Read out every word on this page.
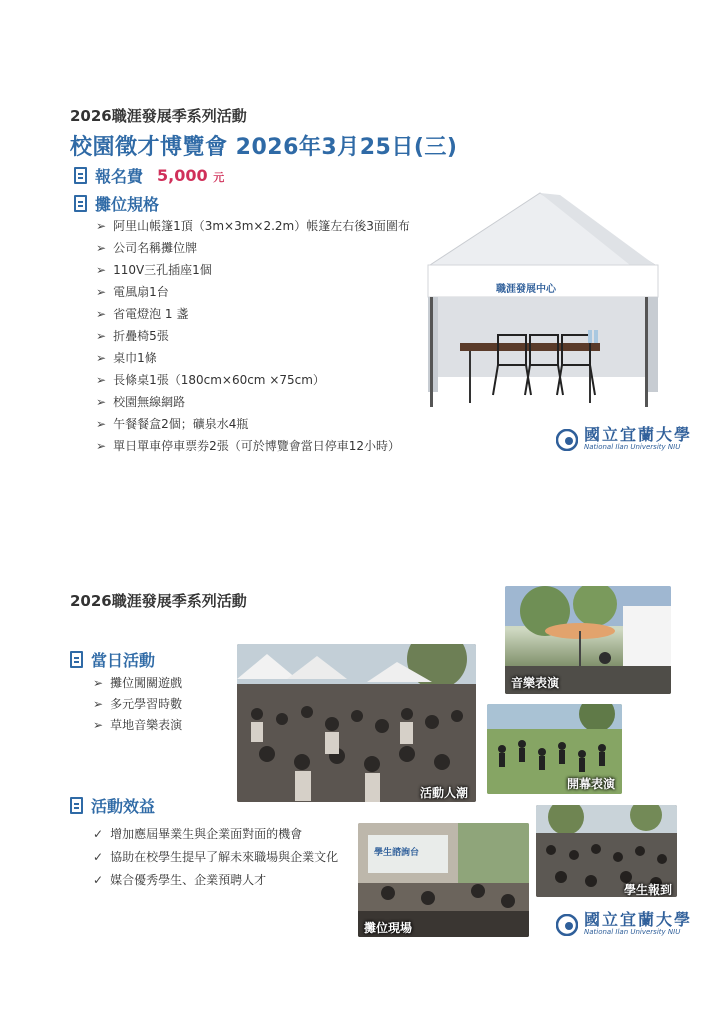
2026職涯發展季系列活動
校園徵才博覽會 2026年3月25日(三)
報名費 5,000 元
攤位規格
➢ 阿里山帳篷1頂（3m×3m×2.2m）帳篷左右後3面圍布
➢ 公司名稱攤位牌
➢ 110V三孔插座1個
➢ 電風扇1台
➢ 省電燈泡 1 盞
➢ 折疊椅5張
➢ 桌巾1條
➢ 長條桌1張（180cm×60cm ×75cm）
➢ 校園無線網路
➢ 午餐餐盒2個；礦泉水4瓶
➢ 單日單車停車票券2張（可於博覽會當日停車12小時）
職涯發展中心
國立宜蘭大學
National Ilan University NIU
2026職涯發展季系列活動
當日活動
➢ 攤位闖關遊戲
➢ 多元學習時數
➢ 草地音樂表演
活動效益
✓ 增加應屆畢業生與企業面對面的機會
✓ 協助在校學生提早了解未來職場與企業文化
✓ 媒合優秀學生、企業預聘人才
音樂表演
活動人潮
開幕表演
學生諮詢台
攤位現場
學生報到
國立宜蘭大學
National Ilan University NIU
